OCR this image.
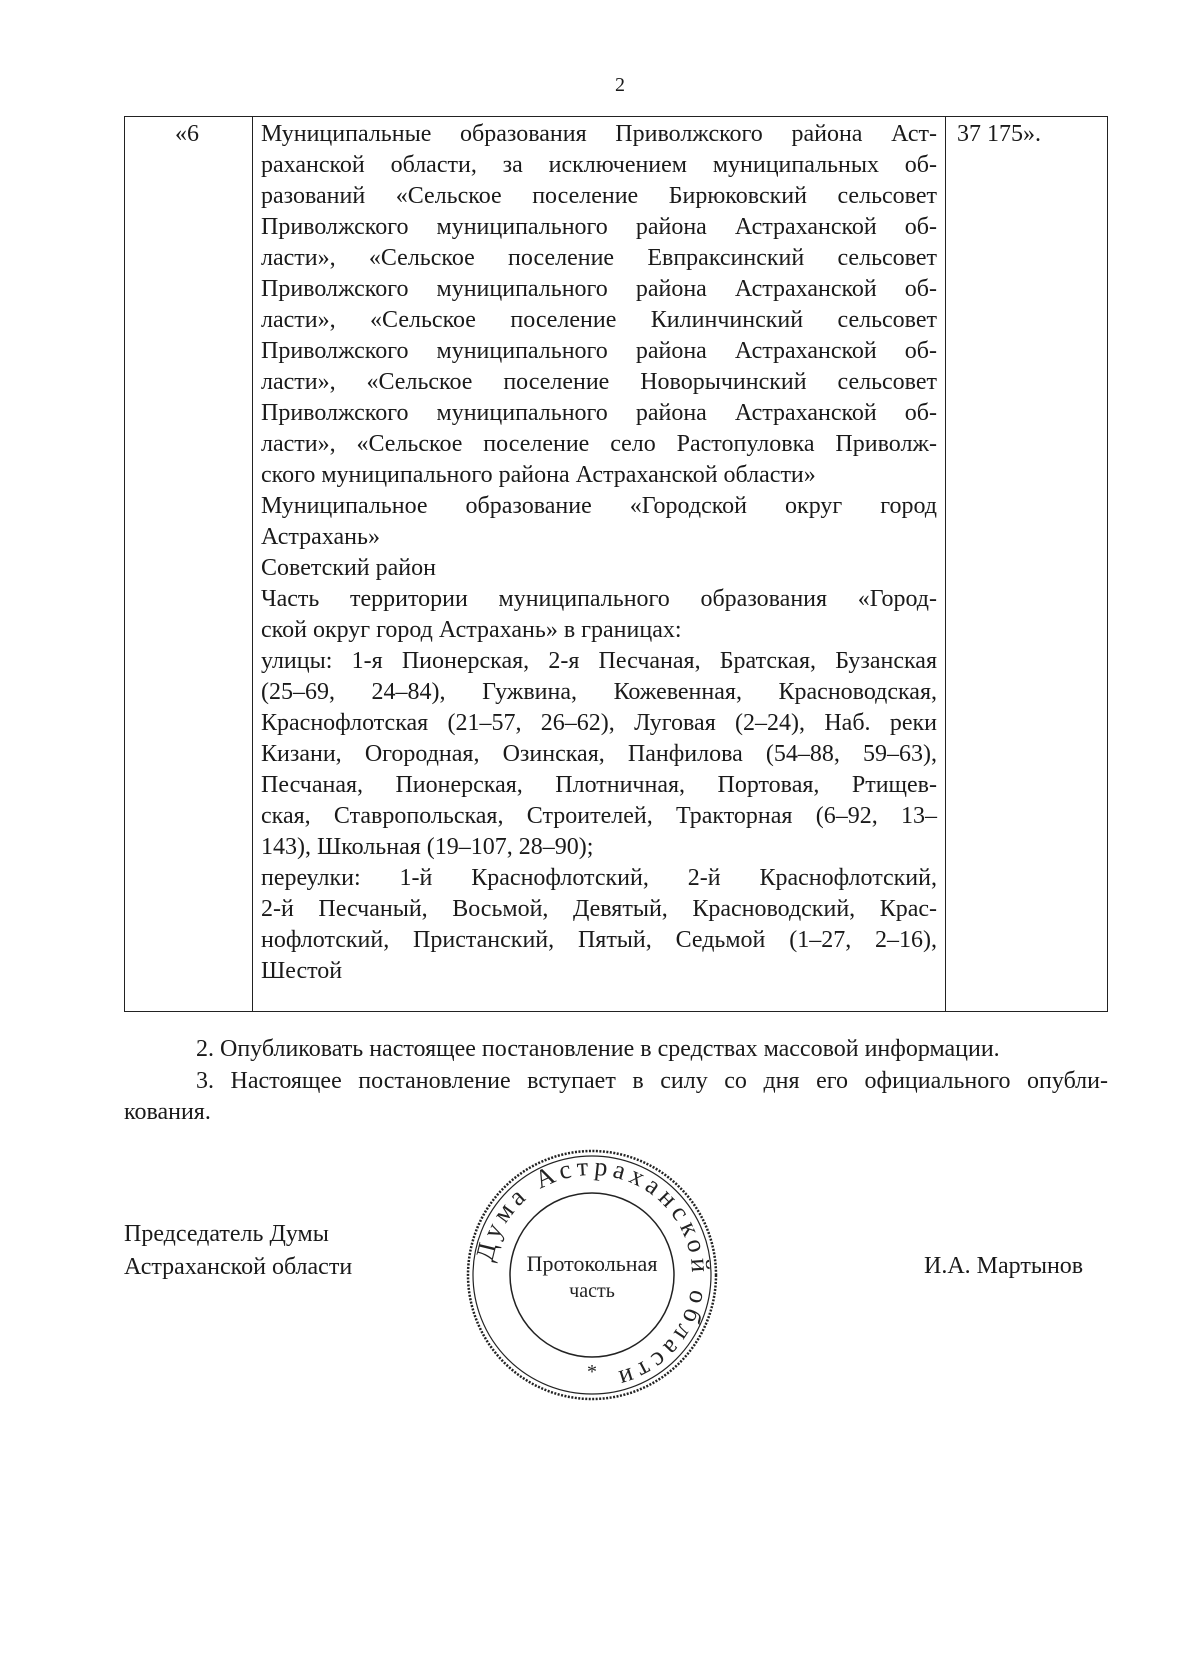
2
«6	Муниципальные образования Приволжского района Аст-
раханской области, за исключением муниципальных об-
разований «Сельское поселение Бирюковский сельсовет
Приволжского муниципального района Астраханской об-
ласти», «Сельское поселение Евпраксинский сельсовет
Приволжского муниципального района Астраханской об-
ласти», «Сельское поселение Килинчинский сельсовет
Приволжского муниципального района Астраханской об-
ласти», «Сельское поселение Новорычинский сельсовет
Приволжского муниципального района Астраханской об-
ласти», «Сельское поселение село Растопуловка Приволж-
ского муниципального района Астраханской области»
Муниципальное образование «Городской округ город
Астрахань»
Советский район
Часть территории муниципального образования «Город-
ской округ город Астрахань» в границах:
улицы: 1-я Пионерская, 2-я Песчаная, Братская, Бузанская
(25–69, 24–84), Гужвина, Кожевенная, Красноводская,
Краснофлотская (21–57, 26–62), Луговая (2–24), Наб. реки
Кизани, Огородная, Озинская, Панфилова (54–88, 59–63),
Песчаная, Пионерская, Плотничная, Портовая, Ртищев-
ская, Ставропольская, Строителей, Тракторная (6–92, 13–
143), Школьная (19–107, 28–90);
переулки: 1-й Краснофлотский, 2-й Краснофлотский,
2-й Песчаный, Восьмой, Девятый, Красноводский, Крас-
нофлотский, Пристанский, Пятый, Седьмой (1–27, 2–16),
Шестой
37 175».
2. Опубликовать настоящее постановление в средствах массовой информации.
3. Настоящее постановление вступает в силу со дня его официального опубли-
кования.
Председатель Думы
Астраханской области	И.А. Мартынов
Дума Астраханской области
Протокольная
часть
*
